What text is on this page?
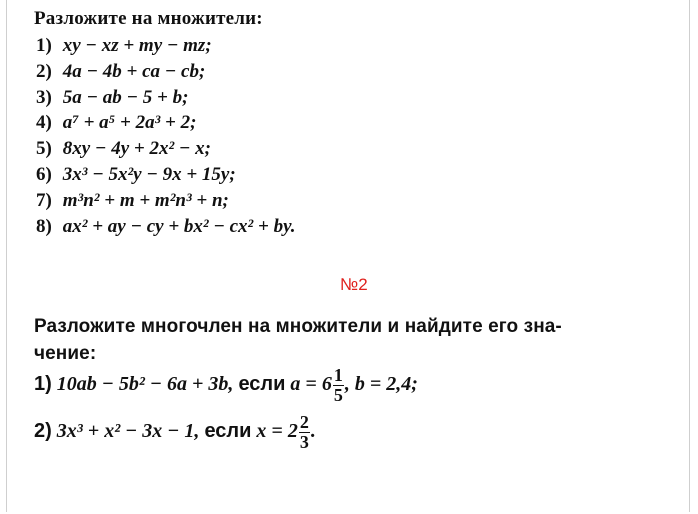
Разложите на множители:
1) xy − xz + my − mz;
2) 4a − 4b + ca − cb;
3) 5a − ab − 5 + b;
4) a⁷ + a⁵ + 2a³ + 2;
5) 8xy − 4y + 2x² − x;
6) 3x³ − 5x²y − 9x + 15y;
7) m³n² + m + m²n³ + n;
8) ax² + ay − cy + bx² − cx² + by.
№2
Разложите многочлен на множители и найдите его зна-
чение:
1) 10ab − 5b² − 6a + 3b, если $a = 6 \frac{1}{5}$ , b = 2,4;
2) 3x³ + x² − 3x − 1, если $x = 2 \frac{2}{3}$ .
